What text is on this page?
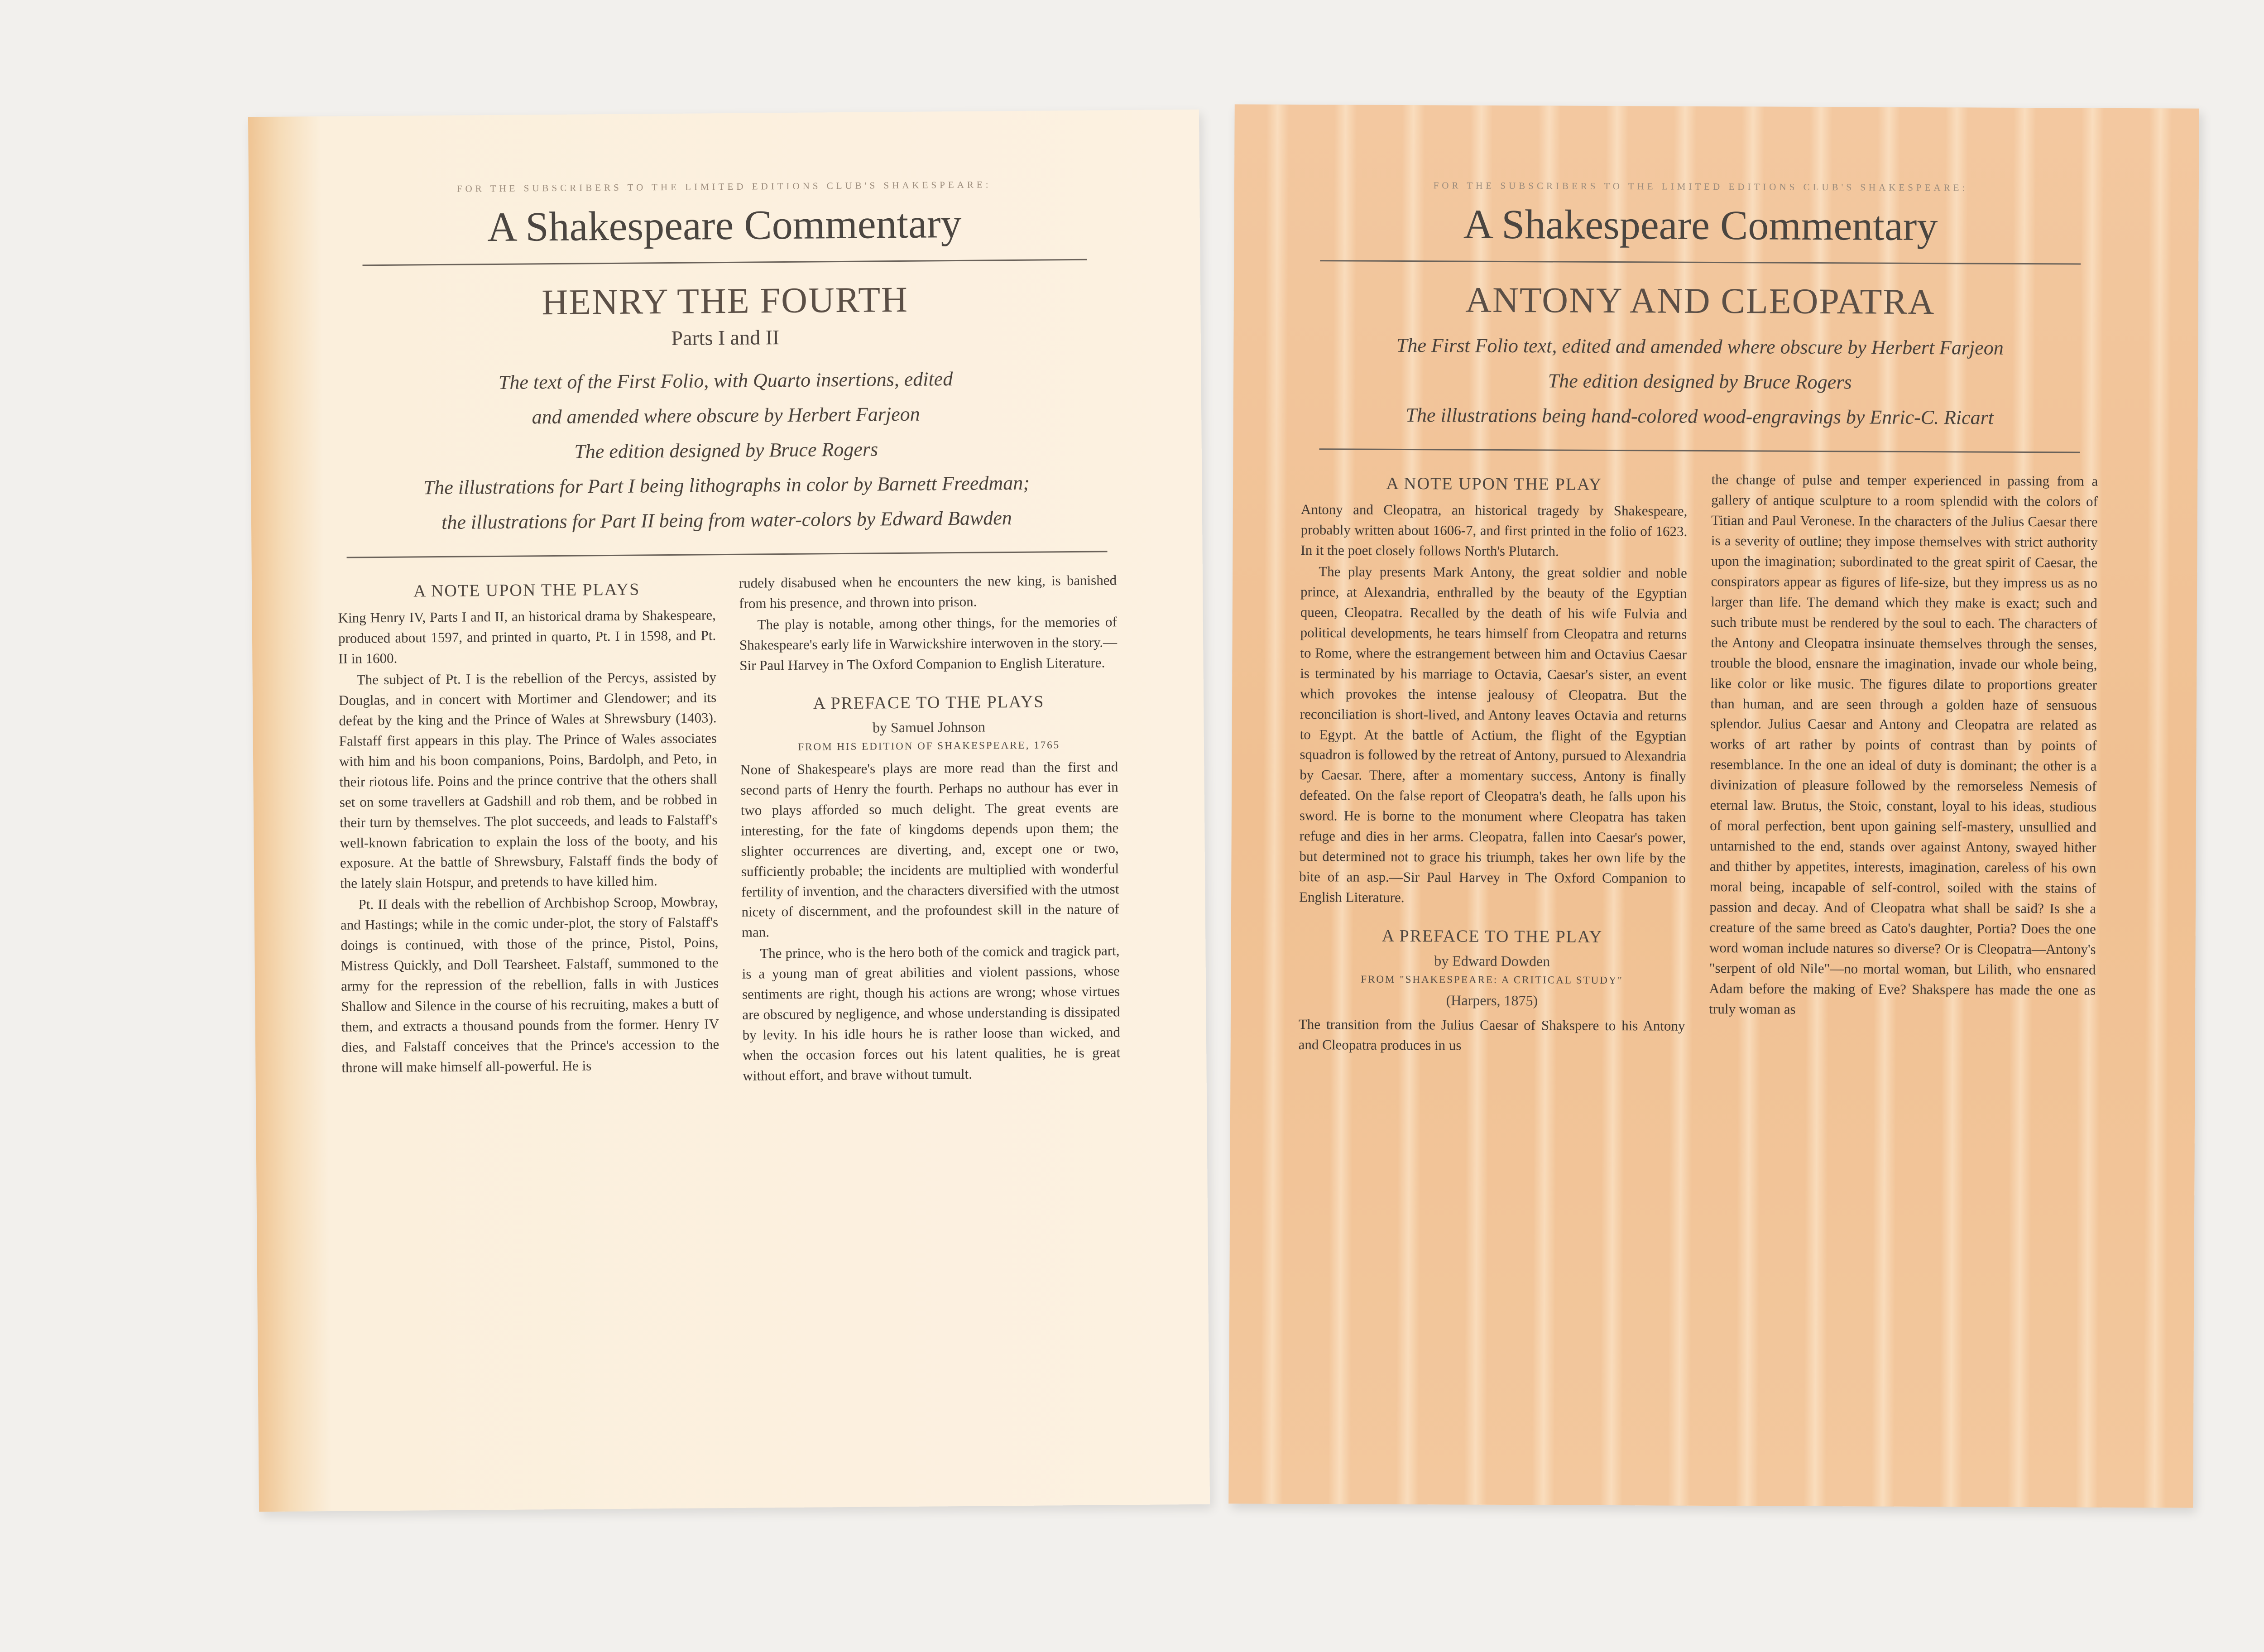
FOR THE SUBSCRIBERS TO THE LIMITED EDITIONS CLUB'S SHAKESPEARE:
A Shakespeare Commentary
HENRY THE FOURTH
Parts I and II
The text of the First Folio, with Quarto insertions, edited
and amended where obscure by Herbert Farjeon
The edition designed by Bruce Rogers
The illustrations for Part I being lithographs in color by Barnett Freedman;
the illustrations for Part II being from water-colors by Edward Bawden
A NOTE UPON THE PLAYS

King Henry IV, Parts I and II, an historical drama by Shakespeare, produced about 1597, and printed in quarto, Pt. I in 1598, and Pt. II in 1600.

The subject of Pt. I is the rebellion of the Percys, assisted by Douglas, and in concert with Mortimer and Glendower; and its defeat by the king and the Prince of Wales at Shrewsbury (1403). Falstaff first appears in this play. The Prince of Wales associates with him and his boon companions, Poins, Bardolph, and Peto, in their riotous life. Poins and the prince contrive that the others shall set on some travellers at Gadshill and rob them, and be robbed in their turn by themselves. The plot succeeds, and leads to Falstaff's well-known fabrication to explain the loss of the booty, and his exposure. At the battle of Shrewsbury, Falstaff finds the body of the lately slain Hotspur, and pretends to have killed him.

Pt. II deals with the rebellion of Archbishop Scroop, Mowbray, and Hastings; while in the comic under-plot, the story of Falstaff's doings is continued, with those of the prince, Pistol, Poins, Mistress Quickly, and Doll Tearsheet. Falstaff, summoned to the army for the repression of the rebellion, falls in with Justices Shallow and Silence in the course of his recruiting, makes a butt of them, and extracts a thousand pounds from the former. Henry IV dies, and Falstaff conceives that the Prince's accession to the throne will make himself all-powerful. He is

rudely disabused when he encounters the new king, is banished from his presence, and thrown into prison.

The play is notable, among other things, for the memories of Shakespeare's early life in Warwickshire interwoven in the story.—Sir Paul Harvey in The Oxford Companion to English Literature.

A PREFACE TO THE PLAYS
by Samuel Johnson
FROM HIS EDITION OF SHAKESPEARE, 1765

None of Shakespeare's plays are more read than the first and second parts of Henry the fourth. Perhaps no authour has ever in two plays afforded so much delight. The great events are interesting, for the fate of kingdoms depends upon them; the slighter occurrences are diverting, and, except one or two, sufficiently probable; the incidents are multiplied with wonderful fertility of invention, and the characters diversified with the utmost nicety of discernment, and the profoundest skill in the nature of man.

The prince, who is the hero both of the comick and tragick part, is a young man of great abilities and violent passions, whose sentiments are right, though his actions are wrong; whose virtues are obscured by negligence, and whose understanding is dissipated by levity. In his idle hours he is rather loose than wicked, and when the occasion forces out his latent qualities, he is great without effort, and brave without tumult.

FOR THE SUBSCRIBERS TO THE LIMITED EDITIONS CLUB'S SHAKESPEARE:
A Shakespeare Commentary
ANTONY AND CLEOPATRA
The First Folio text, edited and amended where obscure by Herbert Farjeon
The edition designed by Bruce Rogers
The illustrations being hand-colored wood-engravings by Enric-C. Ricart
A NOTE UPON THE PLAY

Antony and Cleopatra, an historical tragedy by Shakespeare, probably written about 1606-7, and first printed in the folio of 1623. In it the poet closely follows North's Plutarch.

The play presents Mark Antony, the great soldier and noble prince, at Alexandria, enthralled by the beauty of the Egyptian queen, Cleopatra. Recalled by the death of his wife Fulvia and political developments, he tears himself from Cleopatra and returns to Rome, where the estrangement between him and Octavius Caesar is terminated by his marriage to Octavia, Caesar's sister, an event which provokes the intense jealousy of Cleopatra. But the reconciliation is short-lived, and Antony leaves Octavia and returns to Egypt. At the battle of Actium, the flight of the Egyptian squadron is followed by the retreat of Antony, pursued to Alexandria by Caesar. There, after a momentary success, Antony is finally defeated. On the false report of Cleopatra's death, he falls upon his sword. He is borne to the monument where Cleopatra has taken refuge and dies in her arms. Cleopatra, fallen into Caesar's power, but determined not to grace his triumph, takes her own life by the bite of an asp.—Sir Paul Harvey in The Oxford Companion to English Literature.

A PREFACE TO THE PLAY
by Edward Dowden
FROM "SHAKESPEARE: A CRITICAL STUDY"
(Harpers, 1875)

The transition from the Julius Caesar of Shakspere to his Antony and Cleopatra produces in us

the change of pulse and temper experienced in passing from a gallery of antique sculpture to a room splendid with the colors of Titian and Paul Veronese. In the characters of the Julius Caesar there is a severity of outline; they impose themselves with strict authority upon the imagination; subordinated to the great spirit of Caesar, the conspirators appear as figures of life-size, but they impress us as no larger than life. The demand which they make is exact; such and such tribute must be rendered by the soul to each. The characters of the Antony and Cleopatra insinuate themselves through the senses, trouble the blood, ensnare the imagination, invade our whole being, like color or like music. The figures dilate to proportions greater than human, and are seen through a golden haze of sensuous splendor. Julius Caesar and Antony and Cleopatra are related as works of art rather by points of contrast than by points of resemblance. In the one an ideal of duty is dominant; the other is a divinization of pleasure followed by the remorseless Nemesis of eternal law. Brutus, the Stoic, constant, loyal to his ideas, studious of moral perfection, bent upon gaining self-mastery, unsullied and untarnished to the end, stands over against Antony, swayed hither and thither by appetites, interests, imagination, careless of his own moral being, incapable of self-control, soiled with the stains of passion and decay. And of Cleopatra what shall be said? Is she a creature of the same breed as Cato's daughter, Portia? Does the one word woman include natures so diverse? Or is Cleopatra—Antony's "serpent of old Nile"—no mortal woman, but Lilith, who ensnared Adam before the making of Eve? Shakspere has made the one as truly woman as
